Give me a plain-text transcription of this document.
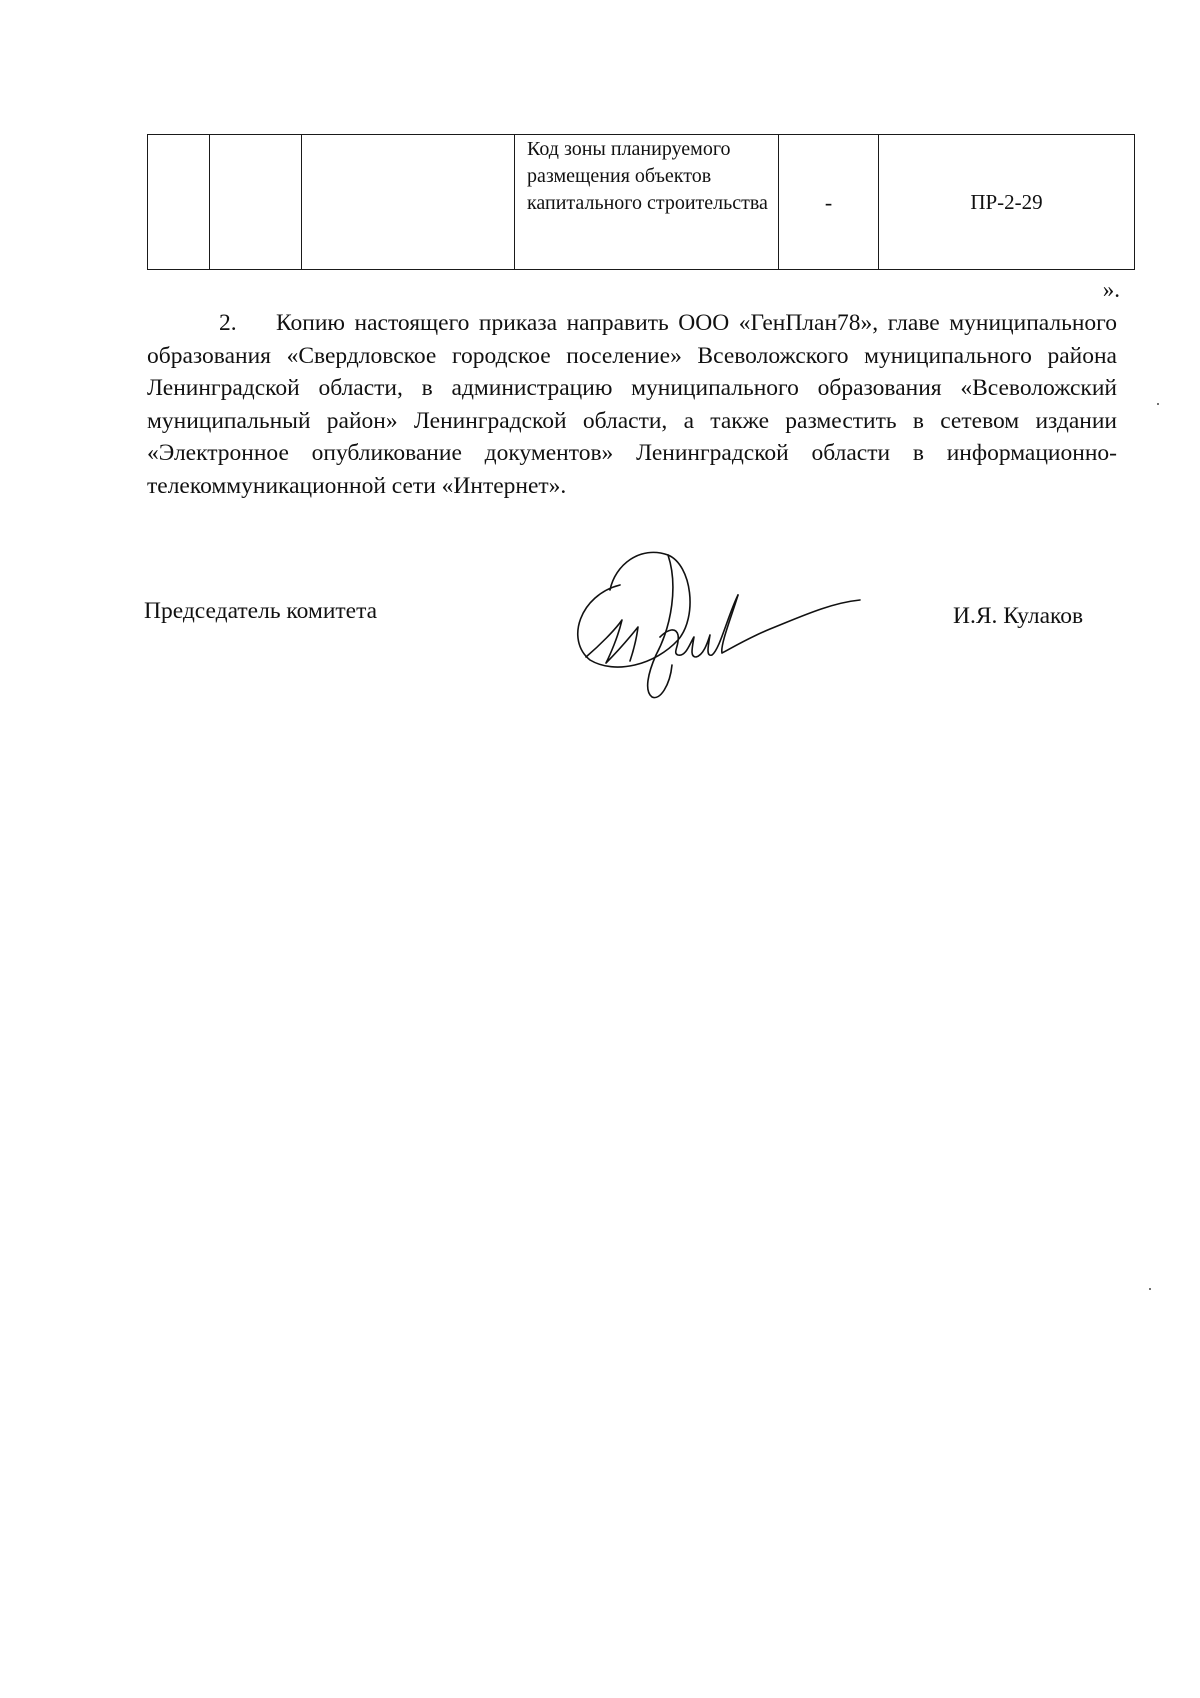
			Код зоны планируемого размещения объектов капитального строительства	-	ПР-2-29
».
2. Копию настоящего приказа направить ООО «ГенПлан78», главе муниципального образования «Свердловское городское поселение» Всеволожского муниципального района Ленинградской области, в администрацию муниципального образования «Всеволожский муниципальный район» Ленинградской области, а также разместить в сетевом издании «Электронное опубликование документов» Ленинградской области в информационно-телекоммуникационной сети «Интернет».
Председатель комитета	И.Я. Кулаков
